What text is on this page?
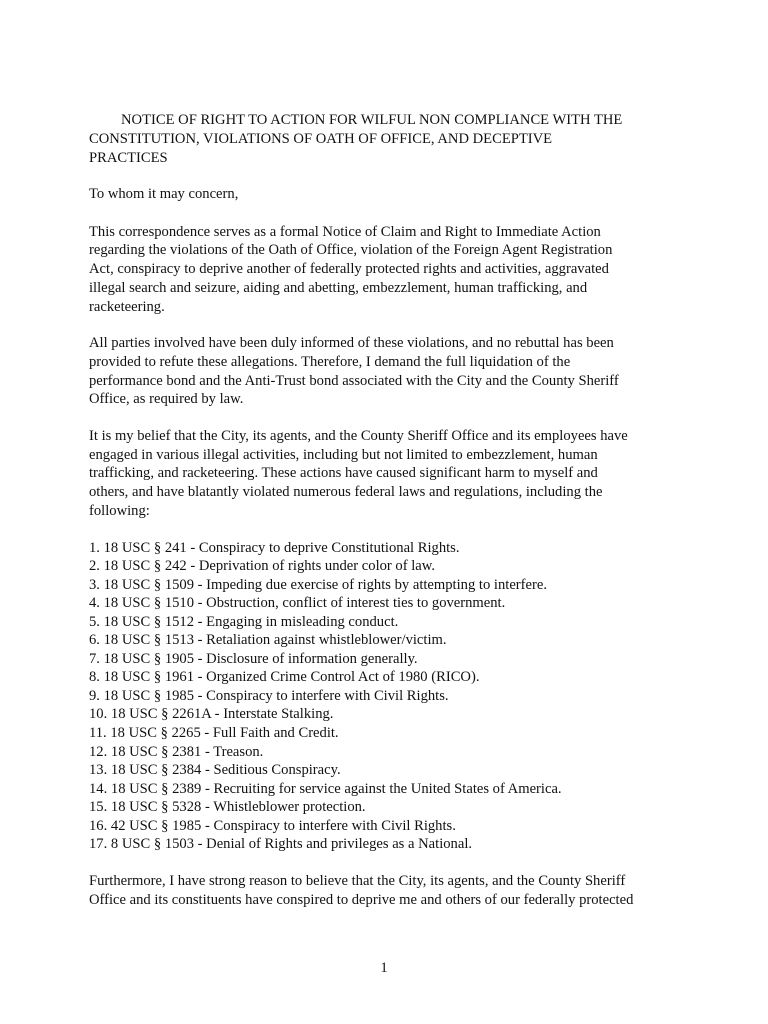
NOTICE OF RIGHT TO ACTION FOR WILFUL NON COMPLIANCE WITH THE
CONSTITUTION, VIOLATIONS OF OATH OF OFFICE, AND DECEPTIVE
PRACTICES
To whom it may concern,
This correspondence serves as a formal Notice of Claim and Right to Immediate Action
regarding the violations of the Oath of Office, violation of the Foreign Agent Registration
Act, conspiracy to deprive another of federally protected rights and activities, aggravated
illegal search and seizure, aiding and abetting, embezzlement, human trafficking, and
racketeering.
All parties involved have been duly informed of these violations, and no rebuttal has been
provided to refute these allegations. Therefore, I demand the full liquidation of the
performance bond and the Anti-Trust bond associated with the City and the County Sheriff
Office, as required by law.
It is my belief that the City, its agents, and the County Sheriff Office and its employees have
engaged in various illegal activities, including but not limited to embezzlement, human
trafficking, and racketeering. These actions have caused significant harm to myself and
others, and have blatantly violated numerous federal laws and regulations, including the
following:
1. 18 USC § 241 - Conspiracy to deprive Constitutional Rights.
2. 18 USC § 242 - Deprivation of rights under color of law.
3. 18 USC § 1509 - Impeding due exercise of rights by attempting to interfere.
4. 18 USC § 1510 - Obstruction, conflict of interest ties to government.
5. 18 USC § 1512 - Engaging in misleading conduct.
6. 18 USC § 1513 - Retaliation against whistleblower/victim.
7. 18 USC § 1905 - Disclosure of information generally.
8. 18 USC § 1961 - Organized Crime Control Act of 1980 (RICO).
9. 18 USC § 1985 - Conspiracy to interfere with Civil Rights.
10. 18 USC § 2261A - Interstate Stalking.
11. 18 USC § 2265 - Full Faith and Credit.
12. 18 USC § 2381 - Treason.
13. 18 USC § 2384 - Seditious Conspiracy.
14. 18 USC § 2389 - Recruiting for service against the United States of America.
15. 18 USC § 5328 - Whistleblower protection.
16. 42 USC § 1985 - Conspiracy to interfere with Civil Rights.
17. 8 USC § 1503 - Denial of Rights and privileges as a National.
Furthermore, I have strong reason to believe that the City, its agents, and the County Sheriff
Office and its constituents have conspired to deprive me and others of our federally protected
1
